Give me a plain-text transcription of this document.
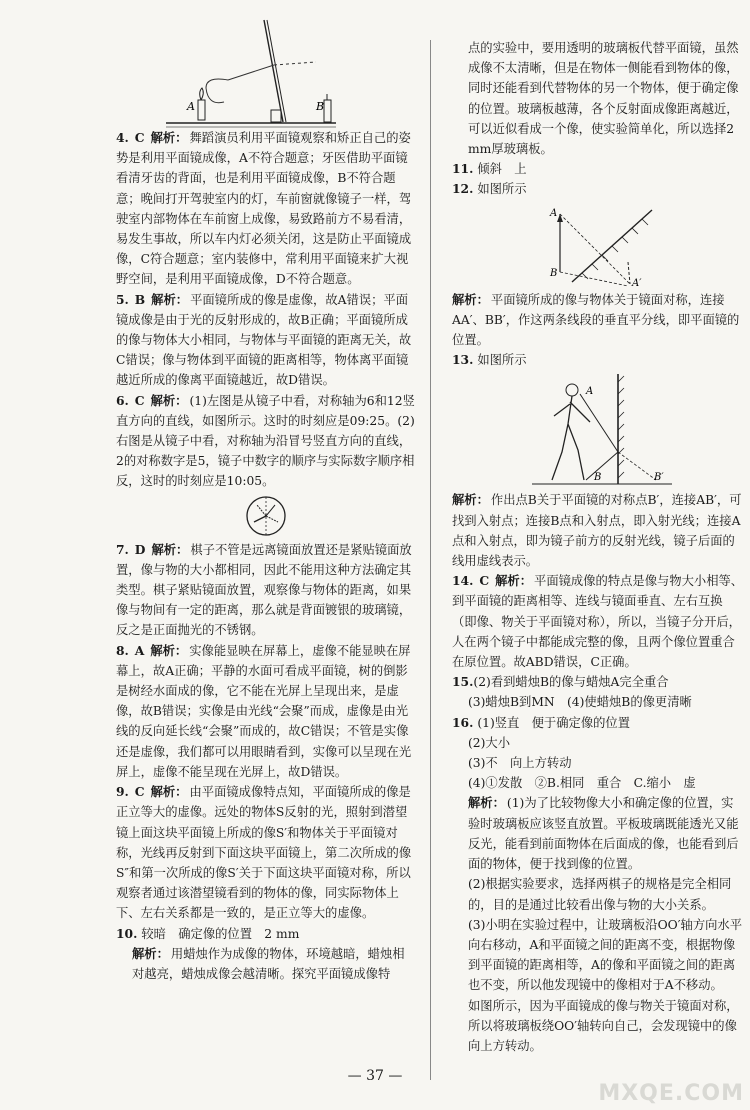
A	B

4. C 解析： 舞蹈演员利用平面镜观察和矫正自己的姿势是利用平面镜成像，A不符合题意；牙医借助平面镜看清牙齿的背面，也是利用平面镜成像，B不符合题意；晚间打开驾驶室内的灯，车前窗就像镜子一样，驾驶室内部物体在车前窗上成像，易致路前方不易看清，易发生事故，所以车内灯必须关闭，这是防止平面镜成像，C符合题意；室内装修中，常利用平面镜来扩大视野空间，是利用平面镜成像，D不符合题意。

5. B 解析： 平面镜所成的像是虚像，故A错误；平面镜成像是由于光的反射形成的，故B正确；平面镜所成的像与物体大小相同，与物体与平面镜的距离无关，故C错误；像与物体到平面镜的距离相等，物体离平面镜越近所成的像离平面镜越近，故D错误。

6. C 解析： (1)左图是从镜子中看，对称轴为6和12竖直方向的直线，如图所示。这时的时刻应是09:25。(2)右图是从镜子中看，对称轴为沿冒号竖直方向的直线，2的对称数字是5，镜子中数字的顺序与实际数字顺序相反，这时的时刻应是10:05。

7. D 解析： 棋子不管是远离镜面放置还是紧贴镜面放置，像与物的大小都相同，因此不能用这种方法确定其类型。棋子紧贴镜面放置，观察像与物体的距离，如果像与物间有一定的距离，那么就是背面镀银的玻璃镜，反之是正面抛光的不锈钢。

8. A 解析： 实像能显映在屏幕上，虚像不能显映在屏幕上，故A正确；平静的水面可看成平面镜，树的倒影是树经水面成的像，它不能在光屏上呈现出来，是虚像，故B错误；实像是由光线“会聚”而成，虚像是由光线的反向延长线“会聚”而成的，故C错误；不管是实像还是虚像，我们都可以用眼睛看到，实像可以呈现在光屏上，虚像不能呈现在光屏上，故D错误。

9. C 解析： 由平面镜成像特点知，平面镜所成的像是正立等大的虚像。远处的物体S反射的光，照射到潜望镜上面这块平面镜上所成的像S′和物体关于平面镜对称，光线再反射到下面这块平面镜上，第二次所成的像S″和第一次所成的像S′关于下面这块平面镜对称，所以观察者通过该潜望镜看到的物体的像，同实际物体上下、左右关系都是一致的，是正立等大的虚像。

10. 较暗　确定像的位置　2 mm

解析： 用蜡烛作为成像的物体，环境越暗，蜡烛相对越亮，蜡烛成像会越清晰。探究平面镜成像特

点的实验中，要用透明的玻璃板代替平面镜，虽然成像不太清晰，但是在物体一侧能看到物体的像，同时还能看到代替物体的另一个物体，便于确定像的位置。玻璃板越薄，各个反射面成像距离越近，可以近似看成一个像，使实验简单化，所以选择2 mm厚玻璃板。

11. 倾斜　上

12. 如图所示

A
B
A′

解析： 平面镜所成的像与物体关于镜面对称，连接AA′、BB′，作这两条线段的垂直平分线，即平面镜的位置。

13. 如图所示

A
B	B′

解析： 作出点B关于平面镜的对称点B′，连接AB′，可找到入射点；连接B点和入射点，即入射光线；连接A点和入射点，即为镜子前方的反射光线，镜子后面的线用虚线表示。

14. C 解析： 平面镜成像的特点是像与物大小相等、到平面镜的距离相等、连线与镜面垂直、左右互换（即像、物关于平面镜对称），所以，当镜子分开后，人在两个镜子中都能成完整的像，且两个像位置重合在原位置。故ABD错误，C正确。

15.(2)看到蜡烛B的像与蜡烛A完全重合

(3)蜡烛B到MN　(4)使蜡烛B的像更清晰

16. (1)竖直　便于确定像的位置

(2)大小

(3)不　向上方转动

(4)①发散　②B.相同　重合　C.缩小　虚

解析： (1)为了比较物像大小和确定像的位置，实验时玻璃板应该竖直放置。平板玻璃既能透光又能反光，能看到前面物体在后面成的像，也能看到后面的物体，便于找到像的位置。

(2)根据实验要求，选择两棋子的规格是完全相同的，目的是通过比较看出像与物的大小关系。

(3)小明在实验过程中，让玻璃板沿OO′轴方向水平向右移动，A和平面镜之间的距离不变，根据物像到平面镜的距离相等，A的像和平面镜之间的距离也不变，所以他发现镜中的像相对于A不移动。

如图所示，因为平面镜成的像与物关于镜面对称，所以将玻璃板绕OO′轴转向自己，会发现镜中的像向上方转动。

— 37 —
MXQE.COM
